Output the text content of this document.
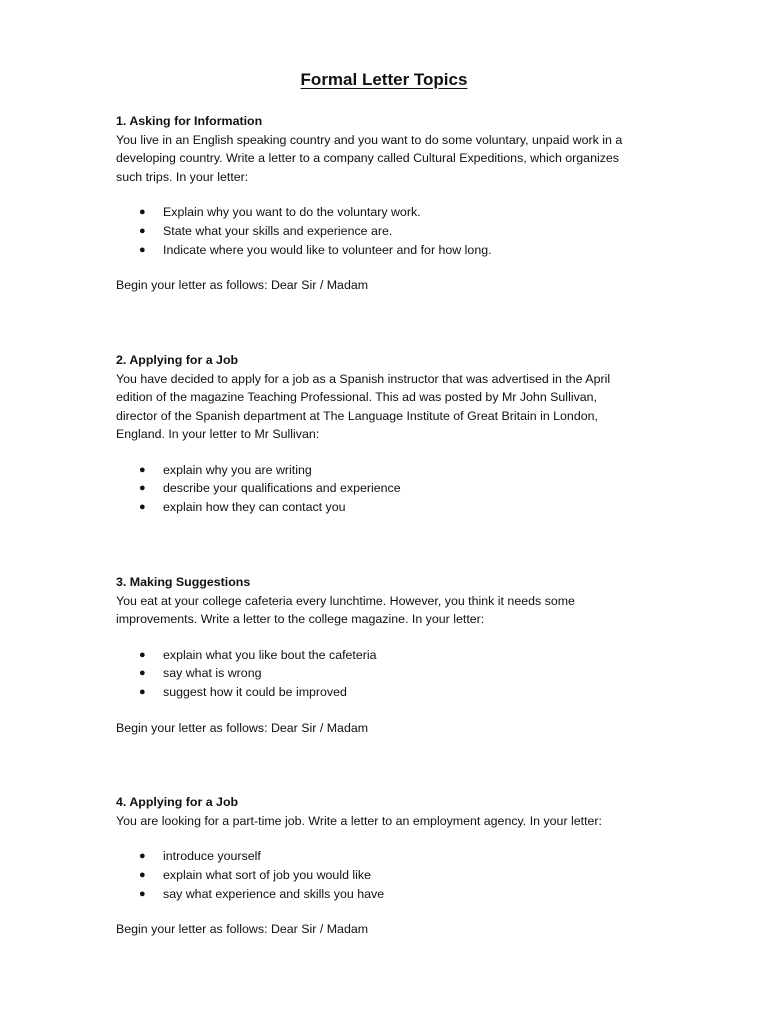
Formal Letter Topics

1. Asking for Information

You live in an English speaking country and you want to do some voluntary, unpaid work in a

developing country. Write a letter to a company called Cultural Expeditions, which organizes

such trips. In your letter:

● Explain why you want to do the voluntary work.
● State what your skills and experience are.
● Indicate where you would like to volunteer and for how long.

Begin your letter as follows: Dear Sir / Madam

2. Applying for a Job

You have decided to apply for a job as a Spanish instructor that was advertised in the April

edition of the magazine Teaching Professional. This ad was posted by Mr John Sullivan,

director of the Spanish department at The Language Institute of Great Britain in London,

England. In your letter to Mr Sullivan:

● explain why you are writing
● describe your qualifications and experience
● explain how they can contact you

3. Making Suggestions

You eat at your college cafeteria every lunchtime. However, you think it needs some

improvements. Write a letter to the college magazine. In your letter:

● explain what you like bout the cafeteria
● say what is wrong
● suggest how it could be improved

Begin your letter as follows: Dear Sir / Madam

4. Applying for a Job

You are looking for a part-time job. Write a letter to an employment agency. In your letter:

● introduce yourself
● explain what sort of job you would like
● say what experience and skills you have

Begin your letter as follows: Dear Sir / Madam
